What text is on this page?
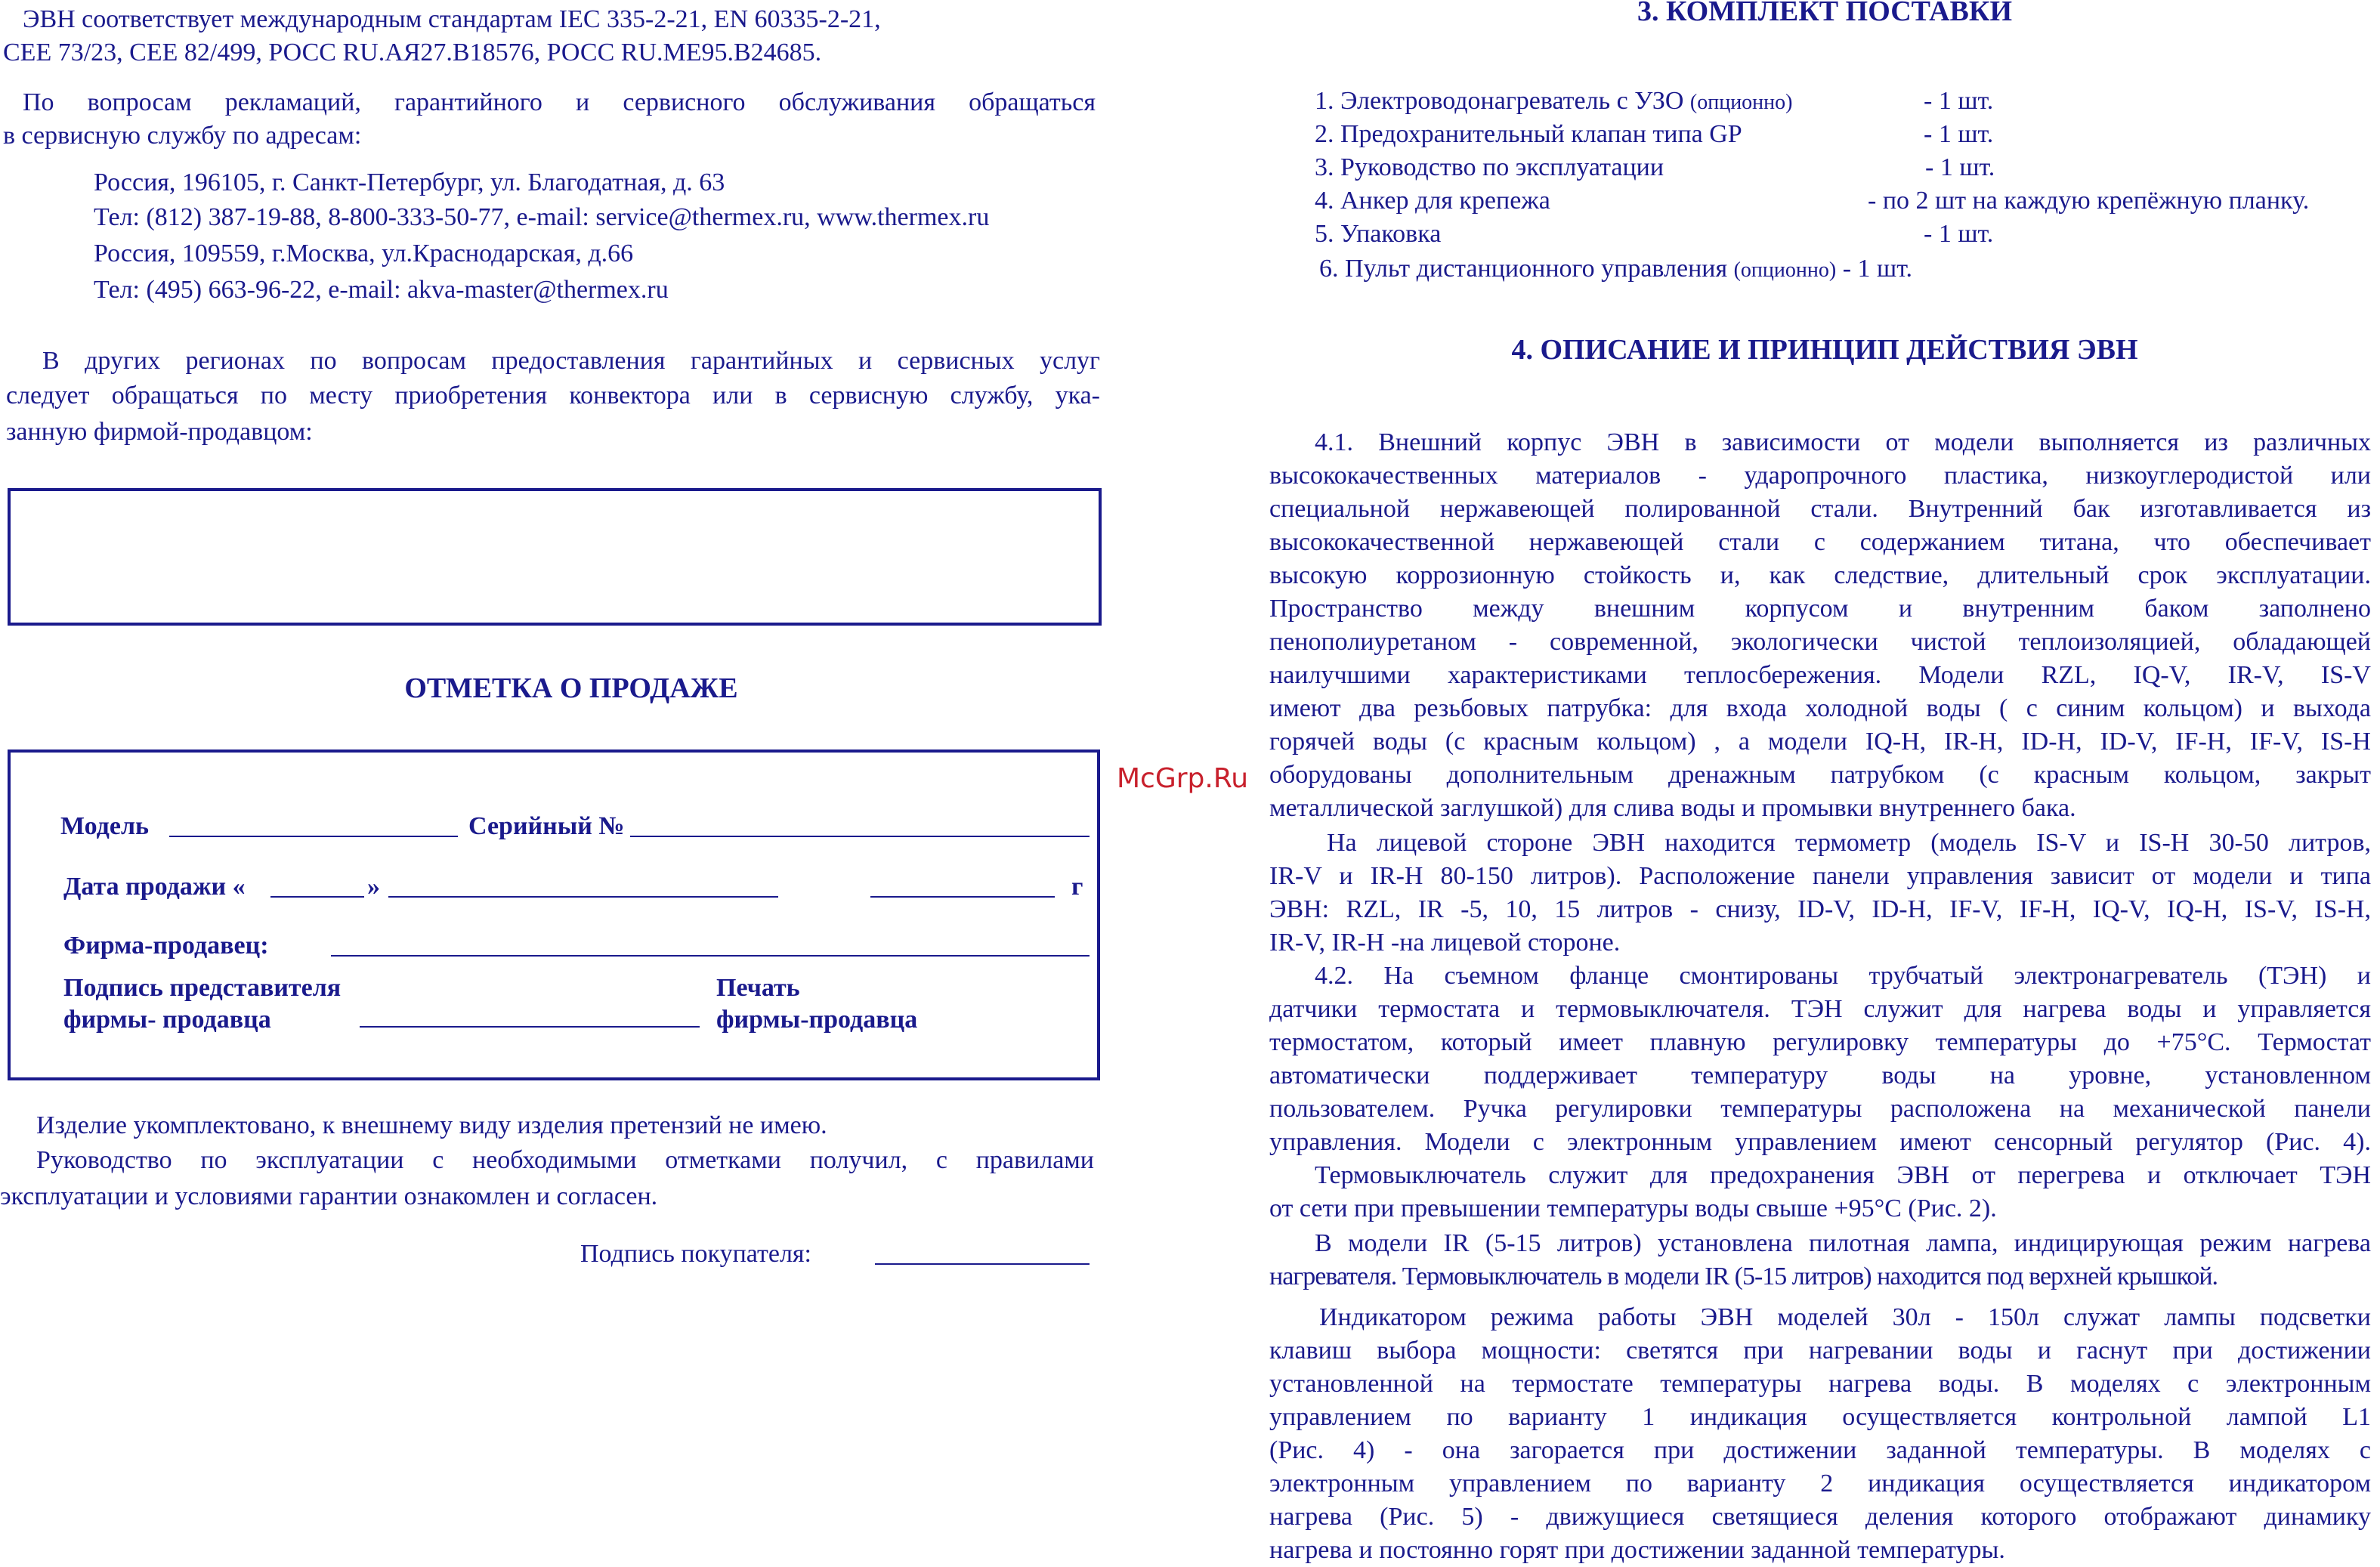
ЭВН соответствует международным стандартам IEC 335-2-21, EN 60335-2-21,
CEE 73/23, CEE 82/499, РОСС RU.АЯ27.В18576, РОСС RU.МЕ95.В24685.
По вопросам рекламаций, гарантийного и сервисного обслуживания обращаться
в сервисную службу по адресам:
Россия, 196105, г. Санкт-Петербург, ул. Благодатная, д. 63
Тел: (812) 387-19-88, 8-800-333-50-77, e-mail: service@thermex.ru, www.thermex.ru
Россия, 109559, г.Москва, ул.Краснодарская, д.66
Тел: (495) 663-96-22, e-mail: akva-master@thermex.ru
В других регионах по вопросам предоставления гарантийных и сервисных услуг
следует обращаться по месту приобретения конвектора или в сервисную службу, ука-
занную фирмой-продавцом:
ОТМЕТКА О ПРОДАЖЕ
Модель	Серийный №
Дата продажи «	»	г
Фирма-продавец:
Подпись представителя
фирмы- продавца
Печать
фирмы-продавца
Изделие укомплектовано, к внешнему виду изделия претензий не имею.
Руководство по эксплуатации с необходимыми отметками получил, с правилами
эксплуатации и условиями гарантии ознакомлен и согласен.
Подпись покупателя:
McGrp.Ru
3. КОМПЛЕКТ ПОСТАВКИ
1. Электроводонагреватель с УЗО (опционно)	- 1 шт.
2. Предохранительный клапан типа GP	- 1 шт.
3. Руководство по эксплуатации	- 1 шт.
4. Анкер для крепежа	- по 2 шт на каждую крепёжную планку.
5. Упаковка	- 1 шт.
6. Пульт дистанционного управления (опционно) - 1 шт.
4. ОПИСАНИЕ И ПРИНЦИП ДЕЙСТВИЯ ЭВН
4.1. Внешний корпус ЭВН в зависимости от модели выполняется из различных
высококачественных материалов - ударопрочного пластика, низкоуглеродистой или
специальной нержавеющей полированной стали. Внутренний бак изготавливается из
высококачественной нержавеющей стали с содержанием титана, что обеспечивает
высокую коррозионную стойкость и, как следствие, длительный срок эксплуатации.
Пространство между внешним корпусом и внутренним баком заполнено
пенополиуретаном - современной, экологически чистой теплоизоляцией, обладающей
наилучшими характеристиками теплосбережения. Модели RZL, IQ-V, IR-V, IS-V
имеют два резьбовых патрубка: для входа холодной воды ( с синим кольцом) и выхода
горячей воды (с красным кольцом) , а модели IQ-H, IR-H, ID-H, ID-V, IF-H, IF-V, IS-H
оборудованы дополнительным дренажным патрубком (с красным кольцом, закрыт
металлической заглушкой) для слива воды и промывки внутреннего бака.
На лицевой стороне ЭВН находится термометр (модель IS-V и IS-H 30-50 литров,
IR-V и IR-H 80-150 литров). Расположение панели управления зависит от модели и типа
ЭВН: RZL, IR -5, 10, 15 литров - снизу, ID-V, ID-H, IF-V, IF-H, IQ-V, IQ-H, IS-V, IS-H,
IR-V, IR-H -на лицевой стороне.
4.2. На съемном фланце смонтированы трубчатый электронагреватель (ТЭН) и
датчики термостата и термовыключателя. ТЭН служит для нагрева воды и управляется
термостатом, который имеет плавную регулировку температуры до +75°С. Термостат
автоматически поддерживает температуру воды на уровне, установленном
пользователем. Ручка регулировки температуры расположена на механической панели
управления. Модели с электронным управлением имеют сенсорный регулятор (Рис. 4).
Термовыключатель служит для предохранения ЭВН от перегрева и отключает ТЭН
от сети при превышении температуры воды свыше +95°С (Рис. 2).
В модели IR (5-15 литров) установлена пилотная лампа, индицирующая режим нагрева
нагревателя. Термовыключатель в модели IR (5-15 литров) находится под верхней крышкой.
Индикатором режима работы ЭВН моделей 30л - 150л служат лампы подсветки
клавиш выбора мощности: светятся при нагревании воды и гаснут при достижении
установленной на термостате температуры нагрева воды. В моделях с электронным
управлением по варианту 1 индикация осуществляется контрольной лампой L1
(Рис. 4) - она загорается при достижении заданной температуры. В моделях с
электронным управлением по варианту 2 индикация осуществляется индикатором
нагрева (Рис. 5) - движущиеся светящиеся деления которого отображают динамику
нагрева и постоянно горят при достижении заданной температуры.
